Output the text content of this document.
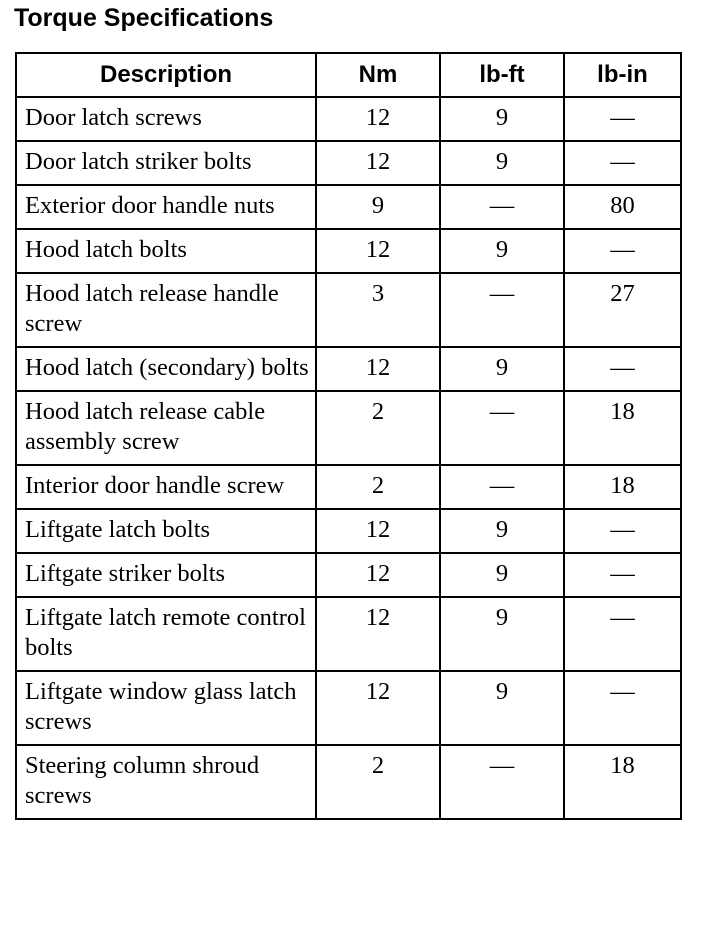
Torque Specifications
Description	Nm	lb-ft	lb-in
Door latch screws	12	9	—
Door latch striker bolts	12	9	—
Exterior door handle nuts	9	—	80
Hood latch bolts	12	9	—
Hood latch release handle screw	3	—	27
Hood latch (secondary) bolts	12	9	—
Hood latch release cable assembly screw	2	—	18
Interior door handle screw	2	—	18
Liftgate latch bolts	12	9	—
Liftgate striker bolts	12	9	—
Liftgate latch remote control bolts	12	9	—
Liftgate window glass latch screws	12	9	—
Steering column shroud screws	2	—	18
